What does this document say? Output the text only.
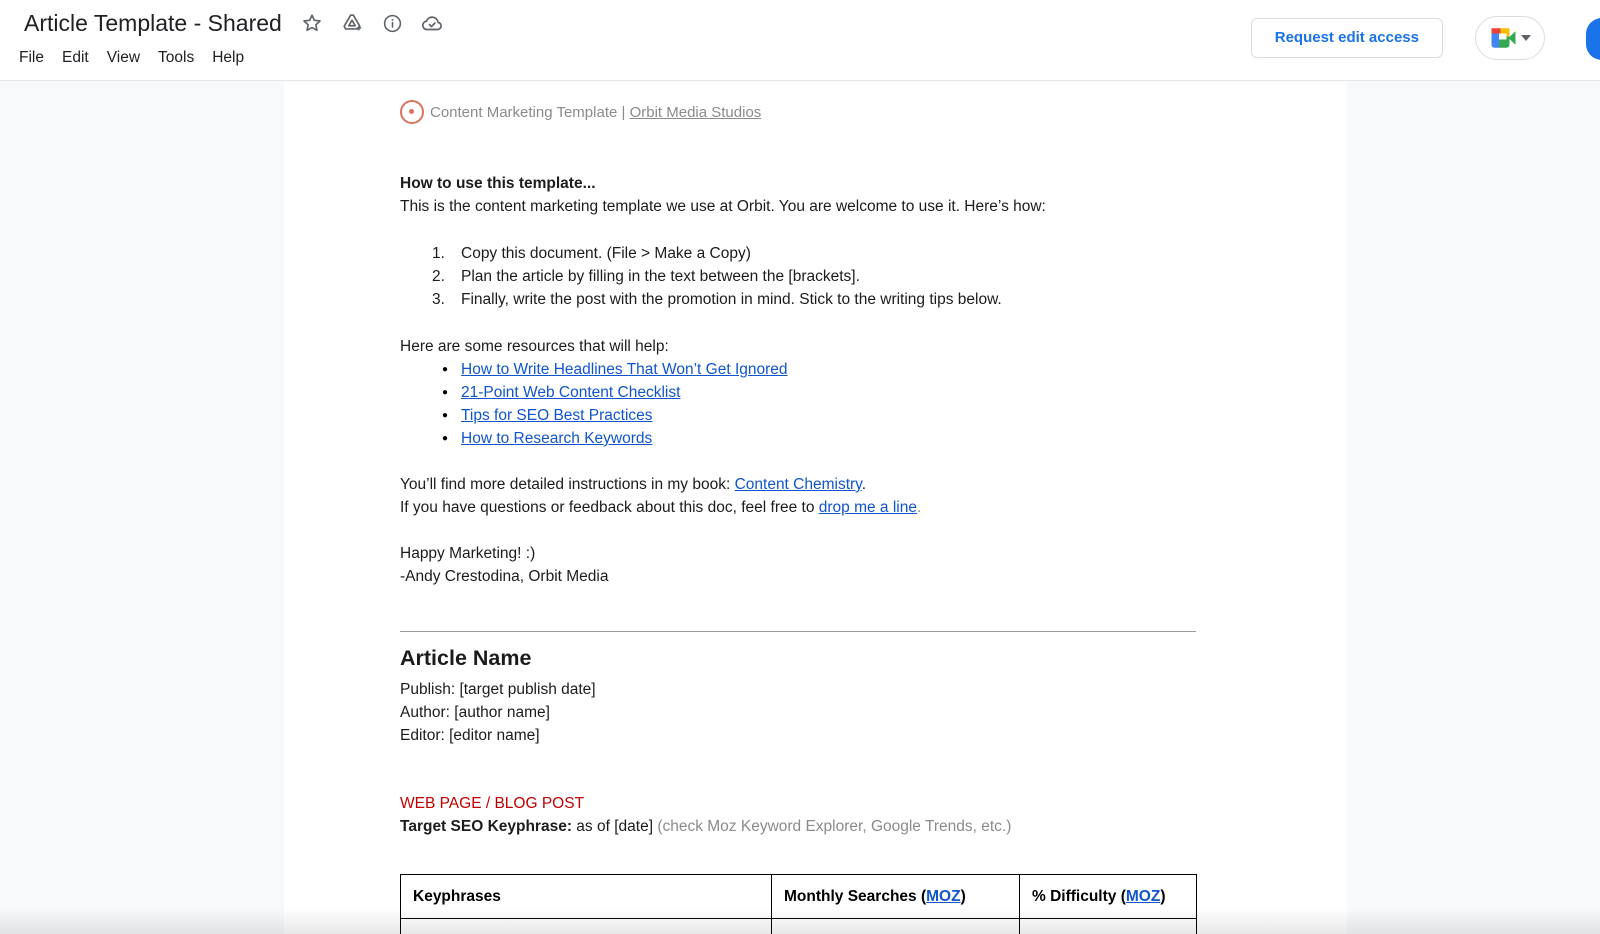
Article Template - Shared
File	Edit	View	Tools	Help
Request edit access
Content Marketing Template | Orbit Media Studios
How to use this template...
This is the content marketing template we use at Orbit. You are welcome to use it. Here’s how:
1.	Copy this document. (File > Make a Copy)
2.	Plan the article by filling in the text between the [brackets].
3.	Finally, write the post with the promotion in mind. Stick to the writing tips below.
Here are some resources that will help:
● How to Write Headlines That Won’t Get Ignored
● 21-Point Web Content Checklist
● Tips for SEO Best Practices
● How to Research Keywords
You’ll find more detailed instructions in my book: Content Chemistry.
If you have questions or feedback about this doc, feel free to drop me a line.
Happy Marketing! :)
-Andy Crestodina, Orbit Media
Article Name
Publish: [target publish date]
Author: [author name]
Editor: [editor name]
WEB PAGE / BLOG POST
Target SEO Keyphrase: as of [date] (check Moz Keyword Explorer, Google Trends, etc.)
Keyphrases	Monthly Searches (MOZ)	% Difficulty (MOZ)
